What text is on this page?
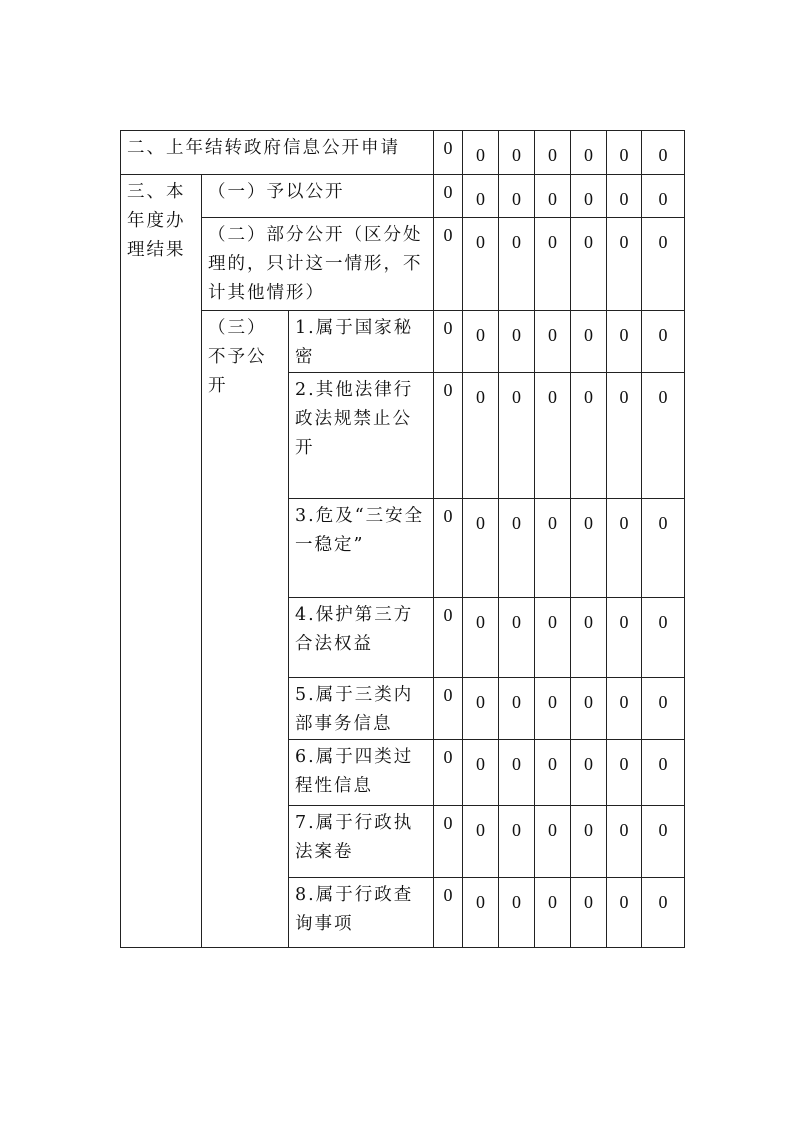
二、上年结转政府信息公开申请			0	0	0	0	0	0	0

三、本年度办理结果	（一）予以公开		0	0	0	0	0	0	0

	（二）部分公开（区分处理的，只计这一情形，不计其他情形）		0	0	0	0	0	0	0

	（三）不予公开	1.属于国家秘密	0	0	0	0	0	0	0

		2.其他法律行政法规禁止公开	0	0	0	0	0	0	0

		3.危及“三安全一稳定”	0	0	0	0	0	0	0

		4.保护第三方合法权益	0	0	0	0	0	0	0

		5.属于三类内部事务信息	0	0	0	0	0	0	0

		6.属于四类过程性信息	0	0	0	0	0	0	0

		7.属于行政执法案卷	0	0	0	0	0	0	0

		8.属于行政查询事项	0	0	0	0	0	0	0
